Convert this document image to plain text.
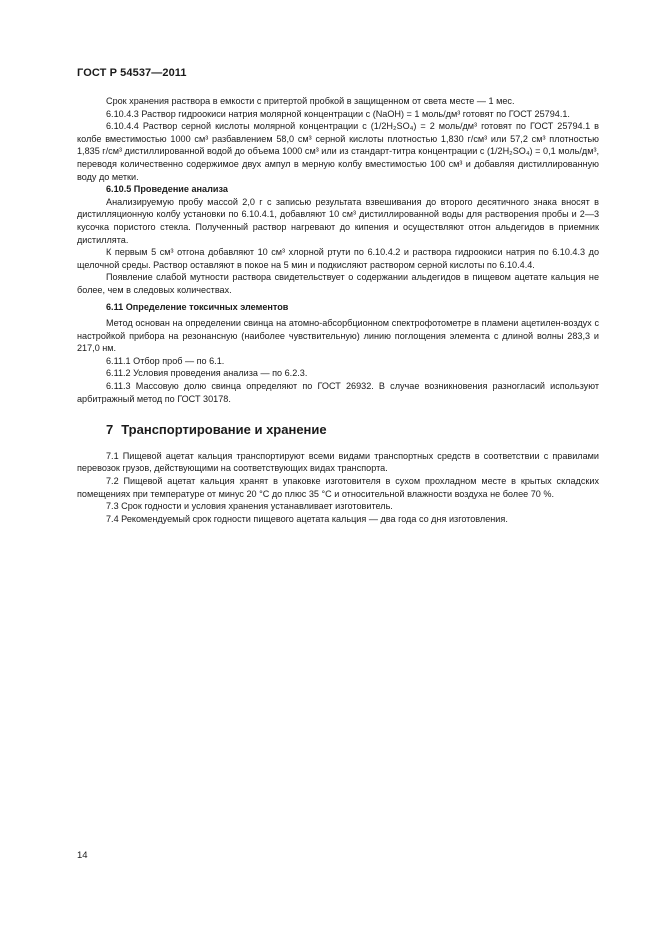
ГОСТ Р 54537—2011

Срок хранения раствора в емкости с притертой пробкой в защищенном от света месте — 1 мес.

6.10.4.3 Раствор гидроокиси натрия молярной концентрации c (NaOH) = 1 моль/дм³ готовят по ГОСТ 25794.1.

6.10.4.4 Раствор серной кислоты молярной концентрации c (1/2H₂SO₄) = 2 моль/дм³ готовят по ГОСТ 25794.1 в колбе вместимостью 1000 см³ разбавлением 58,0 см³ серной кислоты плотностью 1,830 г/см³ или 57,2 см³ плотностью 1,835 г/см³ дистиллированной водой до объема 1000 см³ или из стандарт-титра концентрации c (1/2H₂SO₄) = 0,1 моль/дм³, переводя количественно содержимое двух ампул в мерную колбу вместимостью 100 см³ и добавляя дистиллированную воду до метки.

6.10.5 Проведение анализа

Анализируемую пробу массой 2,0 г с записью результата взвешивания до второго десятичного знака вносят в дистилляционную колбу установки по 6.10.4.1, добавляют 10 см³ дистиллированной воды для растворения пробы и 2—3 кусочка пористого стекла. Полученный раствор нагревают до кипения и осуществляют отгон альдегидов в приемник дистиллята.

К первым 5 см³ отгона добавляют 10 см³ хлорной ртути по 6.10.4.2 и раствора гидроокиси натрия по 6.10.4.3 до щелочной среды. Раствор оставляют в покое на 5 мин и подкисляют раствором серной кислоты по 6.10.4.4.

Появление слабой мутности раствора свидетельствует о содержании альдегидов в пищевом ацетате кальция не более, чем в следовых количествах.

6.11 Определение токсичных элементов

Метод основан на определении свинца на атомно-абсорбционном спектрофотометре в пламени ацетилен-воздух с настройкой прибора на резонансную (наиболее чувствительную) линию поглощения элемента с длиной волны 283,3 и 217,0 нм.

6.11.1 Отбор проб — по 6.1.

6.11.2 Условия проведения анализа — по 6.2.3.

6.11.3 Массовую долю свинца определяют по ГОСТ 26932. В случае возникновения разногласий используют арбитражный метод по ГОСТ 30178.

7 Транспортирование и хранение

7.1 Пищевой ацетат кальция транспортируют всеми видами транспортных средств в соответствии с правилами перевозок грузов, действующими на соответствующих видах транспорта.

7.2 Пищевой ацетат кальция хранят в упаковке изготовителя в сухом прохладном месте в крытых складских помещениях при температуре от минус 20 °С до плюс 35 °С и относительной влажности воздуха не более 70 %.

7.3 Срок годности и условия хранения устанавливает изготовитель.

7.4 Рекомендуемый срок годности пищевого ацетата кальция — два года со дня изготовления.

14
